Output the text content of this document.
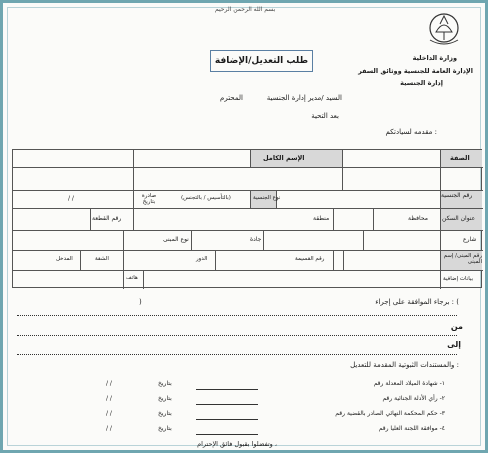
بسم الله الرحمن الرحيم
وزارة الداخلية
الإدارة العامة للجنسية ووثائق السفر
إدارة الجنسية
طلب التعديل/الإضافة
السيد /مدير إدارة الجنسية
المحترم
بعد التحية
مقدمه لسيادتكم :
الصفة
الإسم الكامل
رقم الجنسية
نوع الجنسية
(بالتأسيس / بالتجنس)
صادرة بتاريخ
/ /
عنوان السكن
محافظة
منطقة
رقم القطعة
شارع
جادة
نوع المبنى
رقم المبنى/ إسم المبنى
رقم القسيمة
الدور
الشقة
المدخل
بيانات إضافية
هاتف
برجاء الموافقة على إجراء : (
)
من
إلى
والمستندات الثبوتية المقدمة للتعديل :
١- شهادة الميلاد المعدلة رقم
بتاريخ
/ /
٢- رأي الأدلة الجنائية رقم
بتاريخ
/ /
٣- حكم المحكمة النهائي الصادر بالقضية رقم
بتاريخ
/ /
٤- موافقة اللجنة العليا رقم
بتاريخ
/ /
وتفضلوا بقبول فائق الإحترام ،
